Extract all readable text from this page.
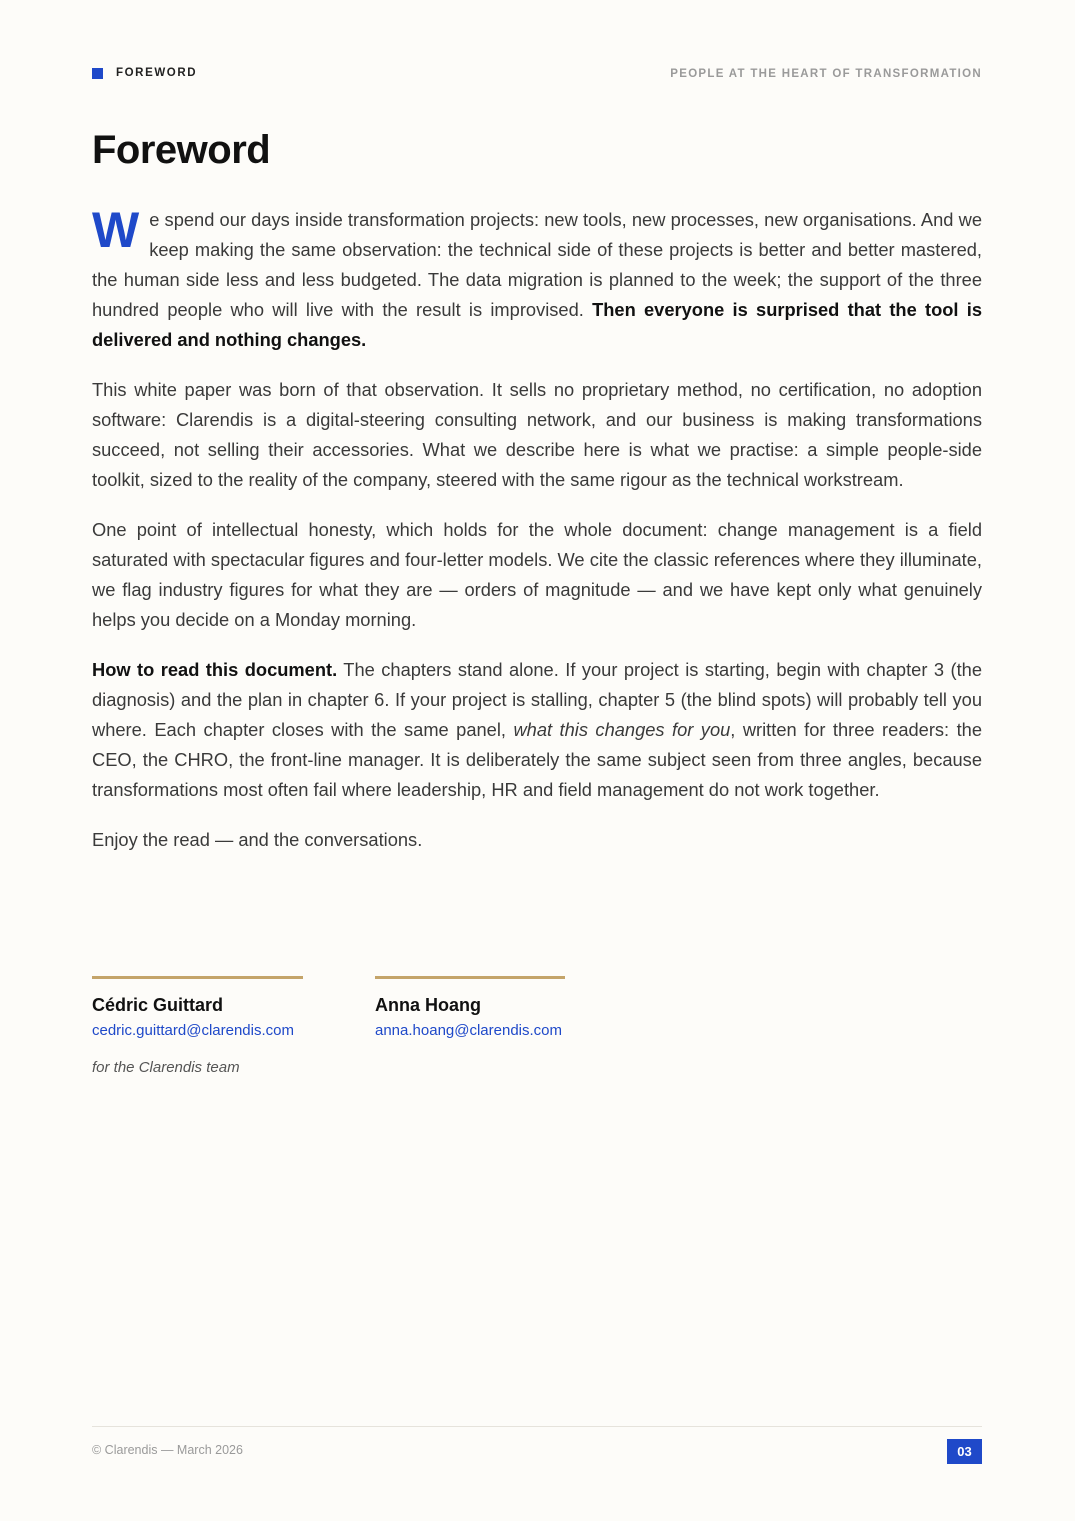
FOREWORD	PEOPLE AT THE HEART OF TRANSFORMATION
Foreword

We spend our days inside transformation projects: new tools, new processes, new organisations. And we keep making the same observation: the technical side of these projects is better and better mastered, the human side less and less budgeted. The data migration is planned to the week; the support of the three hundred people who will live with the result is improvised. Then everyone is surprised that the tool is delivered and nothing changes.

This white paper was born of that observation. It sells no proprietary method, no certification, no adoption software: Clarendis is a digital-steering consulting network, and our business is making transformations succeed, not selling their accessories. What we describe here is what we practise: a simple people-side toolkit, sized to the reality of the company, steered with the same rigour as the technical workstream.

One point of intellectual honesty, which holds for the whole document: change management is a field saturated with spectacular figures and four-letter models. We cite the classic references where they illuminate, we flag industry figures for what they are — orders of magnitude — and we have kept only what genuinely helps you decide on a Monday morning.

How to read this document. The chapters stand alone. If your project is starting, begin with chapter 3 (the diagnosis) and the plan in chapter 6. If your project is stalling, chapter 5 (the blind spots) will probably tell you where. Each chapter closes with the same panel, what this changes for you, written for three readers: the CEO, the CHRO, the front-line manager. It is deliberately the same subject seen from three angles, because transformations most often fail where leadership, HR and field management do not work together.

Enjoy the read — and the conversations.

Cédric Guittard
cedric.guittard@clarendis.com
Anna Hoang
anna.hoang@clarendis.com
for the Clarendis team
© Clarendis — March 2026	03
